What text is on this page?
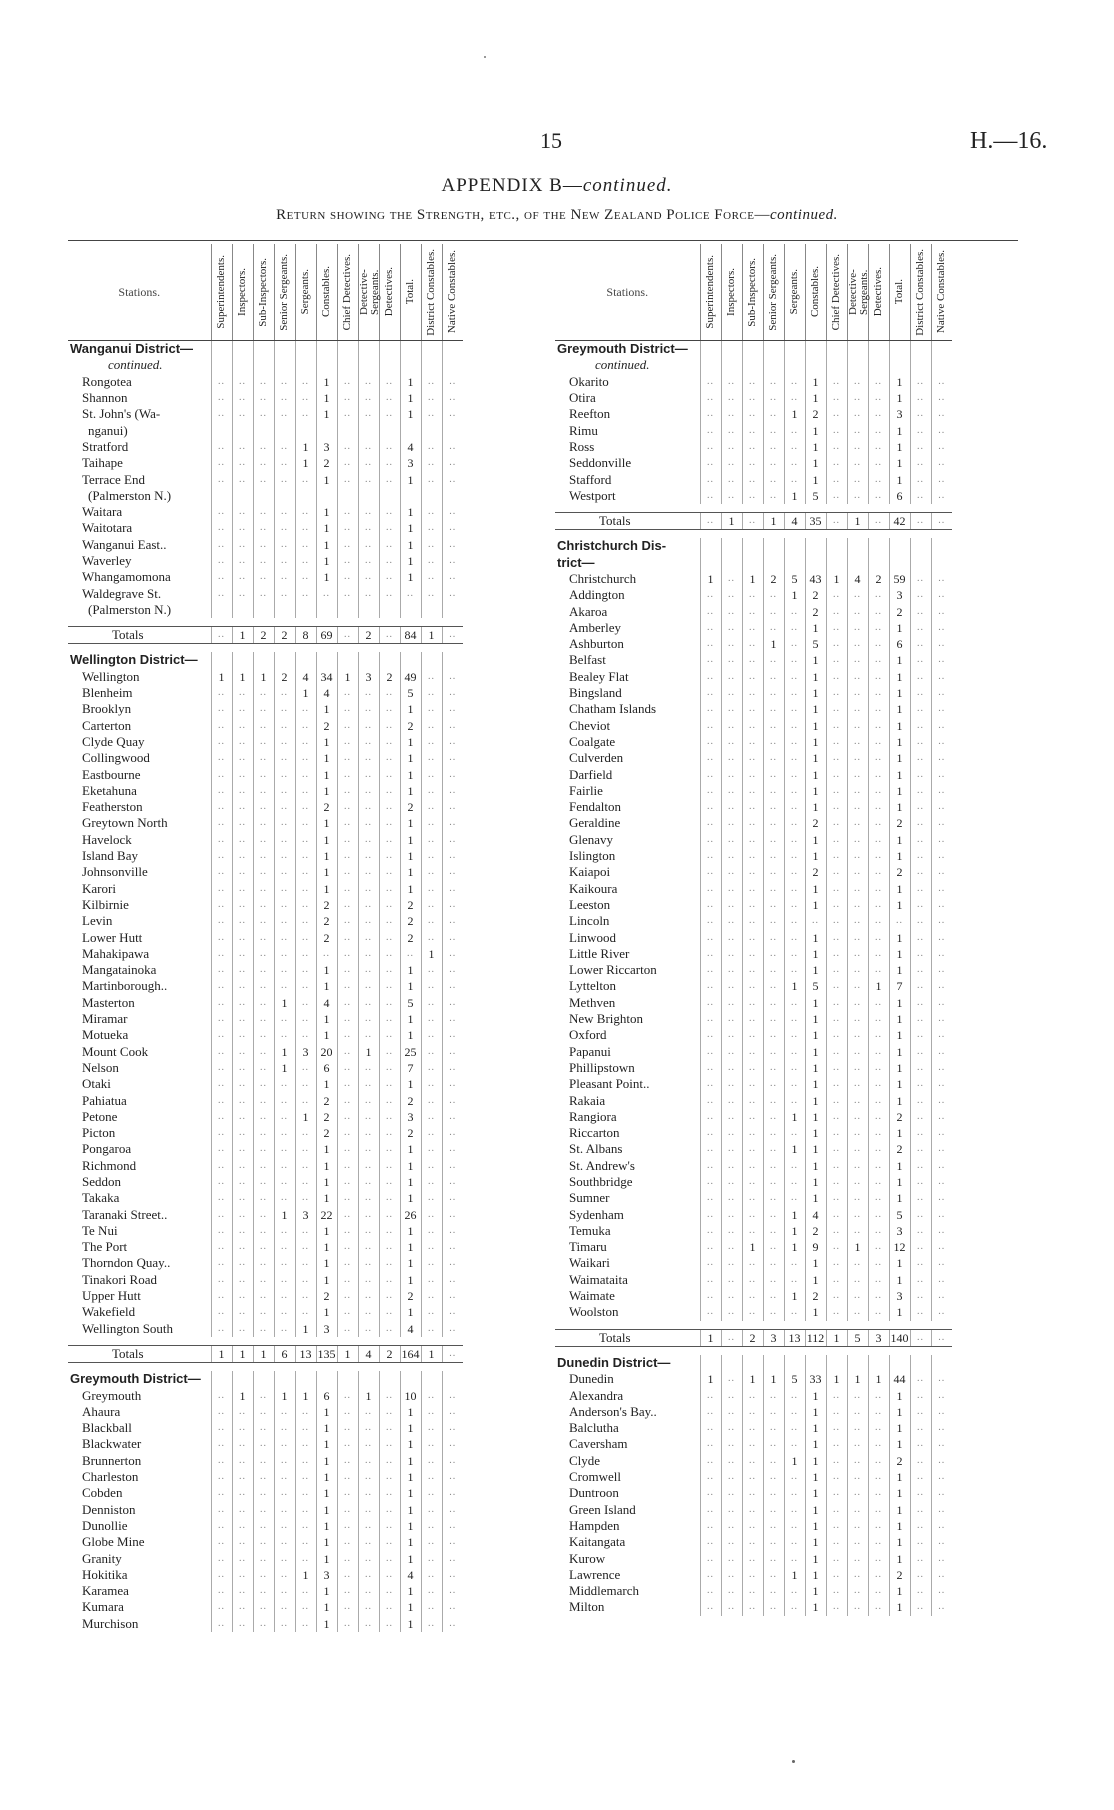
15	H.—16.
APPENDIX B—continued.
Return showing the Strength, etc., of the New Zealand Police Force—continued.
Stations.	Superintendents.	Inspectors.	Sub-Inspectors.	Senior Sergeants.	Sergeants.	Constables.	Chief Detectives.	Detective-Sergeants.	Detectives.	Total.	District Constables.	Native Constables.

Wanganui District—												
continued.												
Rongotea	..	..	..	..	..	1	..	..	..	1	..	..
Shannon	..	..	..	..	..	1	..	..	..	1	..	..
St. John's (Wa-	..	..	..	..	..	1	..	..	..	1	..	..
nganui)												
Stratford	..	..	..	..	1	3	..	..	..	4	..	..
Taihape	..	..	..	..	1	2	..	..	..	3	..	..
Terrace End	..	..	..	..	..	1	..	..	..	1	..	..
(Palmerston N.)												
Waitara	..	..	..	..	..	1	..	..	..	1	..	..
Waitotara	..	..	..	..	..	1	..	..	..	1	..	..
Wanganui East..	..	..	..	..	..	1	..	..	..	1	..	..
Waverley	..	..	..	..	..	1	..	..	..	1	..	..
Whangamomona	..	..	..	..	..	1	..	..	..	1	..	..
Waldegrave St.	..	..	..	..	..	..	..	..	..	..	..	..
(Palmerston N.)												

Totals	..	1	2	2	8	69	..	2	..	84	1	..

Wellington District—												
Wellington	1	1	1	2	4	34	1	3	2	49	..	..
Blenheim	..	..	..	..	1	4	..	..	..	5	..	..
Brooklyn	..	..	..	..	..	1	..	..	..	1	..	..
Carterton	..	..	..	..	..	2	..	..	..	2	..	..
Clyde Quay	..	..	..	..	..	1	..	..	..	1	..	..
Collingwood	..	..	..	..	..	1	..	..	..	1	..	..
Eastbourne	..	..	..	..	..	1	..	..	..	1	..	..
Eketahuna	..	..	..	..	..	1	..	..	..	1	..	..
Featherston	..	..	..	..	..	2	..	..	..	2	..	..
Greytown North	..	..	..	..	..	1	..	..	..	1	..	..
Havelock	..	..	..	..	..	1	..	..	..	1	..	..
Island Bay	..	..	..	..	..	1	..	..	..	1	..	..
Johnsonville	..	..	..	..	..	1	..	..	..	1	..	..
Karori	..	..	..	..	..	1	..	..	..	1	..	..
Kilbirnie	..	..	..	..	..	2	..	..	..	2	..	..
Levin	..	..	..	..	..	2	..	..	..	2	..	..
Lower Hutt	..	..	..	..	..	2	..	..	..	2	..	..
Mahakipawa	..	..	..	..	..	..	..	..	..	..	1	..
Mangatainoka	..	..	..	..	..	1	..	..	..	1	..	..
Martinborough..	..	..	..	..	..	1	..	..	..	1	..	..
Masterton	..	..	..	1	..	4	..	..	..	5	..	..
Miramar	..	..	..	..	..	1	..	..	..	1	..	..
Motueka	..	..	..	..	..	1	..	..	..	1	..	..
Mount Cook	..	..	..	1	3	20	..	1	..	25	..	..
Nelson	..	..	..	1	..	6	..	..	..	7	..	..
Otaki	..	..	..	..	..	1	..	..	..	1	..	..
Pahiatua	..	..	..	..	..	2	..	..	..	2	..	..
Petone	..	..	..	..	1	2	..	..	..	3	..	..
Picton	..	..	..	..	..	2	..	..	..	2	..	..
Pongaroa	..	..	..	..	..	1	..	..	..	1	..	..
Richmond	..	..	..	..	..	1	..	..	..	1	..	..
Seddon	..	..	..	..	..	1	..	..	..	1	..	..
Takaka	..	..	..	..	..	1	..	..	..	1	..	..
Taranaki Street..	..	..	..	1	3	22	..	..	..	26	..	..
Te Nui	..	..	..	..	..	1	..	..	..	1	..	..
The Port	..	..	..	..	..	1	..	..	..	1	..	..
Thorndon Quay..	..	..	..	..	..	1	..	..	..	1	..	..
Tinakori Road	..	..	..	..	..	1	..	..	..	1	..	..
Upper Hutt	..	..	..	..	..	2	..	..	..	2	..	..
Wakefield	..	..	..	..	..	1	..	..	..	1	..	..
Wellington South	..	..	..	..	1	3	..	..	..	4	..	..

Totals	1	1	1	6	13	135	1	4	2	164	1	..

Greymouth District—												
Greymouth	..	1	..	1	1	6	..	1	..	10	..	..
Ahaura	..	..	..	..	..	1	..	..	..	1	..	..
Blackball	..	..	..	..	..	1	..	..	..	1	..	..
Blackwater	..	..	..	..	..	1	..	..	..	1	..	..
Brunnerton	..	..	..	..	..	1	..	..	..	1	..	..
Charleston	..	..	..	..	..	1	..	..	..	1	..	..
Cobden	..	..	..	..	..	1	..	..	..	1	..	..
Denniston	..	..	..	..	..	1	..	..	..	1	..	..
Dunollie	..	..	..	..	..	1	..	..	..	1	..	..
Globe Mine	..	..	..	..	..	1	..	..	..	1	..	..
Granity	..	..	..	..	..	1	..	..	..	1	..	..
Hokitika	..	..	..	..	1	3	..	..	..	4	..	..
Karamea	..	..	..	..	..	1	..	..	..	1	..	..
Kumara	..	..	..	..	..	1	..	..	..	1	..	..
Murchison	..	..	..	..	..	1	..	..	..	1	..	..
Stations.	Superintendents.	Inspectors.	Sub-Inspectors.	Senior Sergeants.	Sergeants.	Constables.	Chief Detectives.	Detective-Sergeants.	Detectives.	Total.	District Constables.	Native Constables.

Greymouth District—												
continued.												
Okarito	..	..	..	..	..	1	..	..	..	1	..	..
Otira	..	..	..	..	..	1	..	..	..	1	..	..
Reefton	..	..	..	..	1	2	..	..	..	3	..	..
Rimu	..	..	..	..	..	1	..	..	..	1	..	..
Ross	..	..	..	..	..	1	..	..	..	1	..	..
Seddonville	..	..	..	..	..	1	..	..	..	1	..	..
Stafford	..	..	..	..	..	1	..	..	..	1	..	..
Westport	..	..	..	..	1	5	..	..	..	6	..	..

Totals	..	1	..	1	4	35	..	1	..	42	..	..

Christchurch Dis-												
trict—												
Christchurch	1	..	1	2	5	43	1	4	2	59	..	..
Addington	..	..	..	..	1	2	..	..	..	3	..	..
Akaroa	..	..	..	..	..	2	..	..	..	2	..	..
Amberley	..	..	..	..	..	1	..	..	..	1	..	..
Ashburton	..	..	..	1	..	5	..	..	..	6	..	..
Belfast	..	..	..	..	..	1	..	..	..	1	..	..
Bealey Flat	..	..	..	..	..	1	..	..	..	1	..	..
Bingsland	..	..	..	..	..	1	..	..	..	1	..	..
Chatham Islands	..	..	..	..	..	1	..	..	..	1	..	..
Cheviot	..	..	..	..	..	1	..	..	..	1	..	..
Coalgate	..	..	..	..	..	1	..	..	..	1	..	..
Culverden	..	..	..	..	..	1	..	..	..	1	..	..
Darfield	..	..	..	..	..	1	..	..	..	1	..	..
Fairlie	..	..	..	..	..	1	..	..	..	1	..	..
Fendalton	..	..	..	..	..	1	..	..	..	1	..	..
Geraldine	..	..	..	..	..	2	..	..	..	2	..	..
Glenavy	..	..	..	..	..	1	..	..	..	1	..	..
Islington	..	..	..	..	..	1	..	..	..	1	..	..
Kaiapoi	..	..	..	..	..	2	..	..	..	2	..	..
Kaikoura	..	..	..	..	..	1	..	..	..	1	..	..
Leeston	..	..	..	..	..	1	..	..	..	1	..	..
Lincoln	..	..	..	..	..	..	..	..	..	..	..	..
Linwood	..	..	..	..	..	1	..	..	..	1	..	..
Little River	..	..	..	..	..	1	..	..	..	1	..	..
Lower Riccarton	..	..	..	..	..	1	..	..	..	1	..	..
Lyttelton	..	..	..	..	1	5	..	..	1	7	..	..
Methven	..	..	..	..	..	1	..	..	..	1	..	..
New Brighton	..	..	..	..	..	1	..	..	..	1	..	..
Oxford	..	..	..	..	..	1	..	..	..	1	..	..
Papanui	..	..	..	..	..	1	..	..	..	1	..	..
Phillipstown	..	..	..	..	..	1	..	..	..	1	..	..
Pleasant Point..	..	..	..	..	..	1	..	..	..	1	..	..
Rakaia	..	..	..	..	..	1	..	..	..	1	..	..
Rangiora	..	..	..	..	1	1	..	..	..	2	..	..
Riccarton	..	..	..	..	..	1	..	..	..	1	..	..
St. Albans	..	..	..	..	1	1	..	..	..	2	..	..
St. Andrew's	..	..	..	..	..	1	..	..	..	1	..	..
Southbridge	..	..	..	..	..	1	..	..	..	1	..	..
Sumner	..	..	..	..	..	1	..	..	..	1	..	..
Sydenham	..	..	..	..	1	4	..	..	..	5	..	..
Temuka	..	..	..	..	1	2	..	..	..	3	..	..
Timaru	..	..	1	..	1	9	..	1	..	12	..	..
Waikari	..	..	..	..	..	1	..	..	..	1	..	..
Waimataita	..	..	..	..	..	1	..	..	..	1	..	..
Waimate	..	..	..	..	1	2	..	..	..	3	..	..
Woolston	..	..	..	..	..	1	..	..	..	1	..	..

Totals	1	..	2	3	13	112	1	5	3	140	..	..

Dunedin District—												
Dunedin	1	..	1	1	5	33	1	1	1	44	..	..
Alexandra	..	..	..	..	..	1	..	..	..	1	..	..
Anderson's Bay..	..	..	..	..	..	1	..	..	..	1	..	..
Balclutha	..	..	..	..	..	1	..	..	..	1	..	..
Caversham	..	..	..	..	..	1	..	..	..	1	..	..
Clyde	..	..	..	..	1	1	..	..	..	2	..	..
Cromwell	..	..	..	..	..	1	..	..	..	1	..	..
Duntroon	..	..	..	..	..	1	..	..	..	1	..	..
Green Island	..	..	..	..	..	1	..	..	..	1	..	..
Hampden	..	..	..	..	..	1	..	..	..	1	..	..
Kaitangata	..	..	..	..	..	1	..	..	..	1	..	..
Kurow	..	..	..	..	..	1	..	..	..	1	..	..
Lawrence	..	..	..	..	1	1	..	..	..	2	..	..
Middlemarch	..	..	..	..	..	1	..	..	..	1	..	..
Milton	..	..	..	..	..	1	..	..	..	1	..	..
